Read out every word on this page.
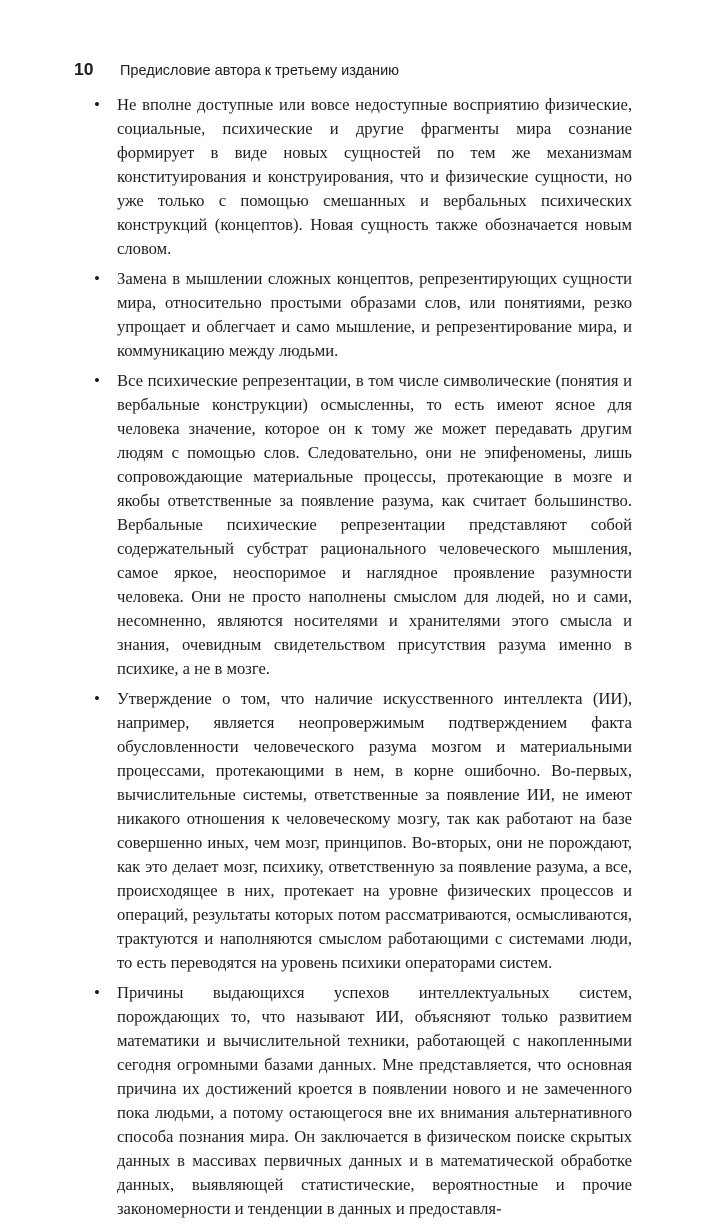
10	Предисловие автора к третьему изданию
• Не вполне доступные или вовсе недоступные восприятию физические, социальные, психические и другие фрагменты мира сознание формирует в виде новых сущностей по тем же механизмам конституирования и конструирования, что и физические сущности, но уже только с помощью смешанных и вербальных психических конструкций (концептов). Новая сущность также обозначается новым словом.
• Замена в мышлении сложных концептов, репрезентирующих сущности мира, относительно простыми образами слов, или понятиями, резко упрощает и облегчает и само мышление, и репрезентирование мира, и коммуникацию между людьми.
• Все психические репрезентации, в том числе символические (понятия и вербальные конструкции) осмысленны, то есть имеют ясное для человека значение, которое он к тому же может передавать другим людям с помощью слов. Следовательно, они не эпифеномены, лишь сопровождающие материальные процессы, протекающие в мозге и якобы ответственные за появление разума, как считает большинство. Вербальные психические репрезентации представляют собой содержательный субстрат рационального человеческого мышления, самое яркое, неоспоримое и наглядное проявление разумности человека. Они не просто наполнены смыслом для людей, но и сами, несомненно, являются носителями и хранителями этого смысла и знания, очевидным свидетельством присутствия разума именно в психике, а не в мозге.
• Утверждение о том, что наличие искусственного интеллекта (ИИ), например, является неопровержимым подтверждением факта обусловленности человеческого разума мозгом и материальными процессами, протекающими в нем, в корне ошибочно. Во-первых, вычислительные системы, ответственные за появление ИИ, не имеют никакого отношения к человеческому мозгу, так как работают на базе совершенно иных, чем мозг, принципов. Во-вторых, они не порождают, как это делает мозг, психику, ответственную за появление разума, а все, происходящее в них, протекает на уровне физических процессов и операций, результаты которых потом рассматриваются, осмысливаются, трактуются и наполняются смыслом работающими с системами люди, то есть переводятся на уровень психики операторами систем.
• Причины выдающихся успехов интеллектуальных систем, порождающих то, что называют ИИ, объясняют только развитием математики и вычислительной техники, работающей с накопленными сегодня огромными базами данных. Мне представляется, что основная причина их достижений кроется в появлении нового и не замеченного пока людьми, а потому остающегося вне их внимания альтернативного способа познания мира. Он заключается в физическом поиске скрытых данных в массивах первичных данных и в математической обработке данных, выявляющей статистические, вероятностные и прочие закономерности и тенденции в данных и предоставля-
